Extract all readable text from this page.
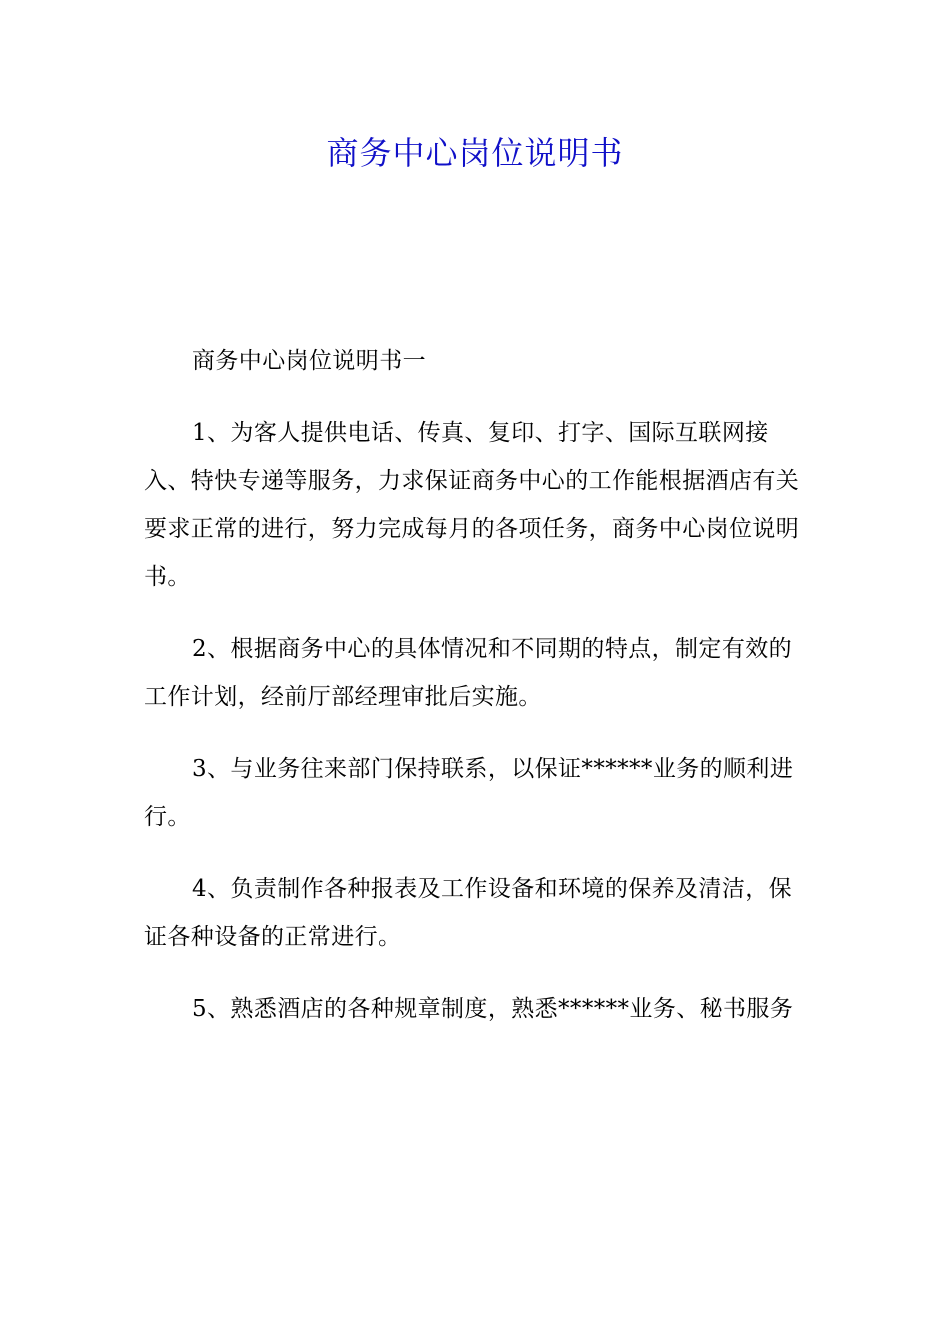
商务中心岗位说明书

商务中心岗位说明书一

1、为客人提供电话、传真、复印、打字、国际互联网接入、特快专递等服务，力求保证商务中心的工作能根据酒店有关要求正常的进行，努力完成每月的各项任务，商务中心岗位说明书。

2、根据商务中心的具体情况和不同期的特点，制定有效的工作计划，经前厅部经理审批后实施。

3、与业务往来部门保持联系，以保证******业务的顺利进行。

4、负责制作各种报表及工作设备和环境的保养及清洁，保证各种设备的正常进行。

5、熟悉酒店的各种规章制度，熟悉******业务、秘书服务
